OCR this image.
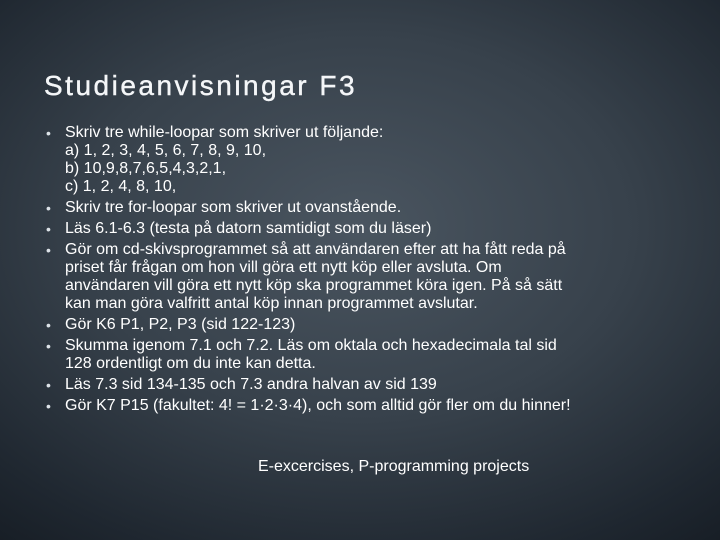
Studieanvisningar F3
• Skriv tre while-loopar som skriver ut följande:
a) 1, 2, 3, 4, 5, 6, 7, 8, 9, 10,
b) 10,9,8,7,6,5,4,3,2,1,
c) 1, 2, 4, 8, 10,
• Skriv tre for-loopar som skriver ut ovanstående.
• Läs 6.1-6.3 (testa på datorn samtidigt som du läser)
• Gör om cd-skivsprogrammet så att användaren efter att ha fått reda på
priset får frågan om hon vill göra ett nytt köp eller avsluta. Om
användaren vill göra ett nytt köp ska programmet köra igen. På så sätt
kan man göra valfritt antal köp innan programmet avslutar.
• Gör K6 P1, P2, P3 (sid 122-123)
• Skumma igenom 7.1 och 7.2. Läs om oktala och hexadecimala tal sid
128 ordentligt om du inte kan detta.
• Läs 7.3 sid 134-135 och 7.3 andra halvan av sid 139
• Gör K7 P15 (fakultet: 4! = 1·2·3·4), och som alltid gör fler om du hinner!
E-excercises, P-programming projects
